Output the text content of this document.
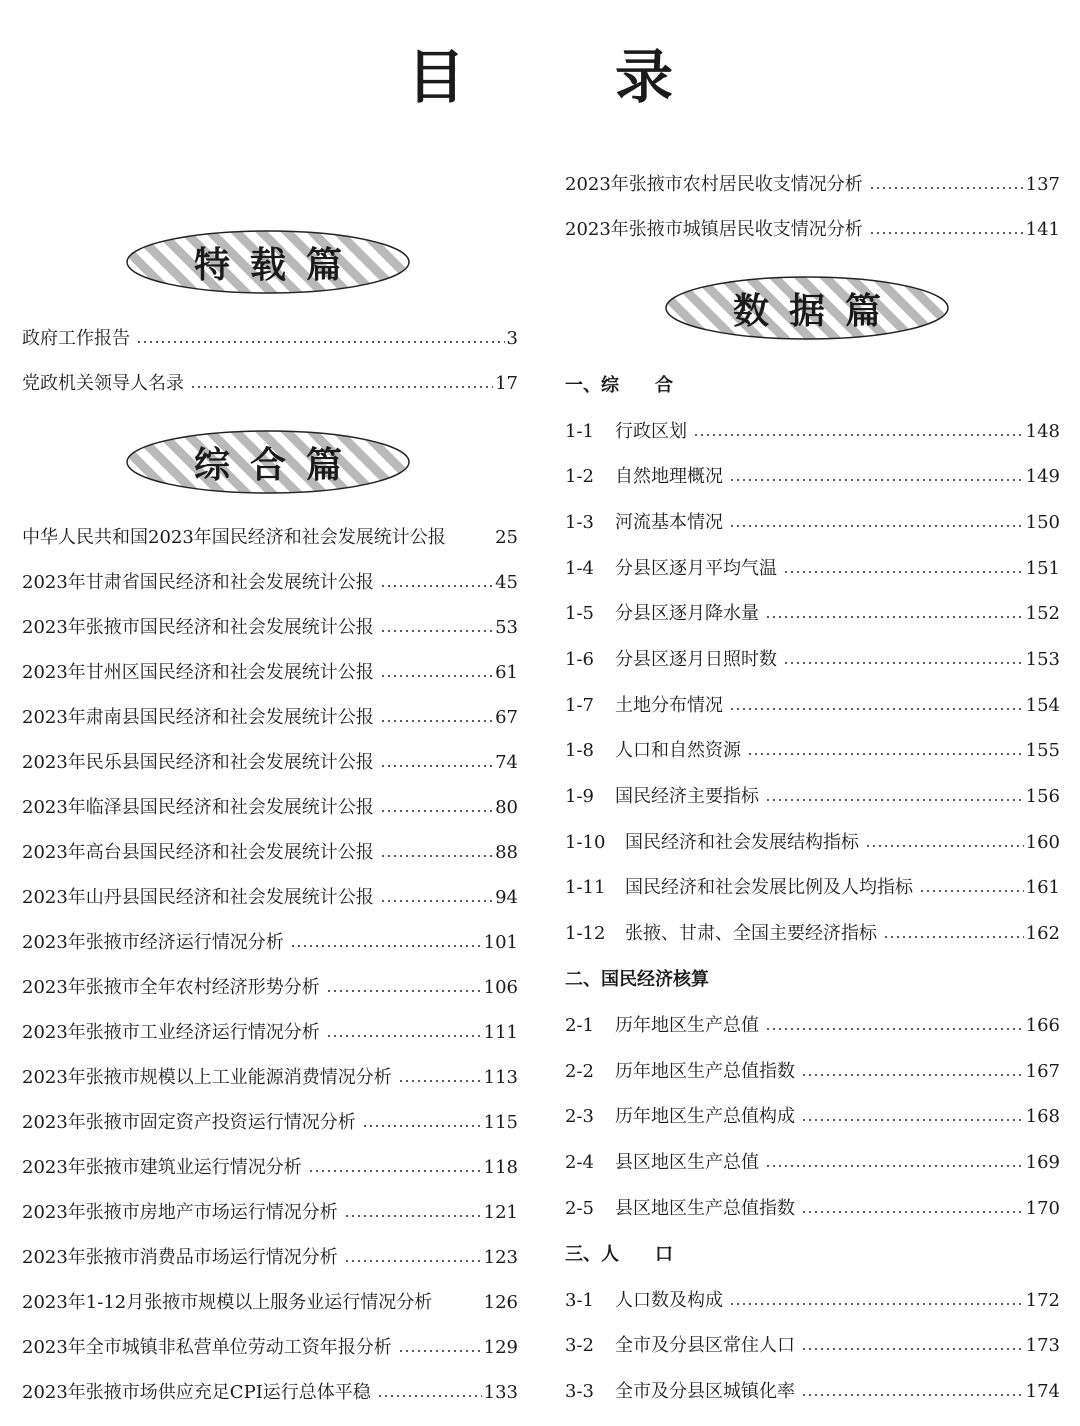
目	录
特载篇
政府工作报告	3
党政机关领导人名录	17
综合篇
中华人民共和国2023年国民经济和社会发展统计公报	25
2023年甘肃省国民经济和社会发展统计公报	45
2023年张掖市国民经济和社会发展统计公报	53
2023年甘州区国民经济和社会发展统计公报	61
2023年肃南县国民经济和社会发展统计公报	67
2023年民乐县国民经济和社会发展统计公报	74
2023年临泽县国民经济和社会发展统计公报	80
2023年高台县国民经济和社会发展统计公报	88
2023年山丹县国民经济和社会发展统计公报	94
2023年张掖市经济运行情况分析	101
2023年张掖市全年农村经济形势分析	106
2023年张掖市工业经济运行情况分析	111
2023年张掖市规模以上工业能源消费情况分析	113
2023年张掖市固定资产投资运行情况分析	115
2023年张掖市建筑业运行情况分析	118
2023年张掖市房地产市场运行情况分析	121
2023年张掖市消费品市场运行情况分析	123
2023年1-12月张掖市规模以上服务业运行情况分析	126
2023年全市城镇非私营单位劳动工资年报分析	129
2023年张掖市场供应充足CPI运行总体平稳	133
2023年张掖市农村居民收支情况分析	137
2023年张掖市城镇居民收支情况分析	141
数据篇
一、综　　合
1-1	行政区划	148
1-2	自然地理概况	149
1-3	河流基本情况	150
1-4	分县区逐月平均气温	151
1-5	分县区逐月降水量	152
1-6	分县区逐月日照时数	153
1-7	土地分布情况	154
1-8	人口和自然资源	155
1-9	国民经济主要指标	156
1-10	国民经济和社会发展结构指标	160
1-11	国民经济和社会发展比例及人均指标	161
1-12	张掖、甘肃、全国主要经济指标	162
二、国民经济核算
2-1	历年地区生产总值	166
2-2	历年地区生产总值指数	167
2-3	历年地区生产总值构成	168
2-4	县区地区生产总值	169
2-5	县区地区生产总值指数	170
三、人　　口
3-1	人口数及构成	172
3-2	全市及分县区常住人口	173
3-3	全市及分县区城镇化率	174
